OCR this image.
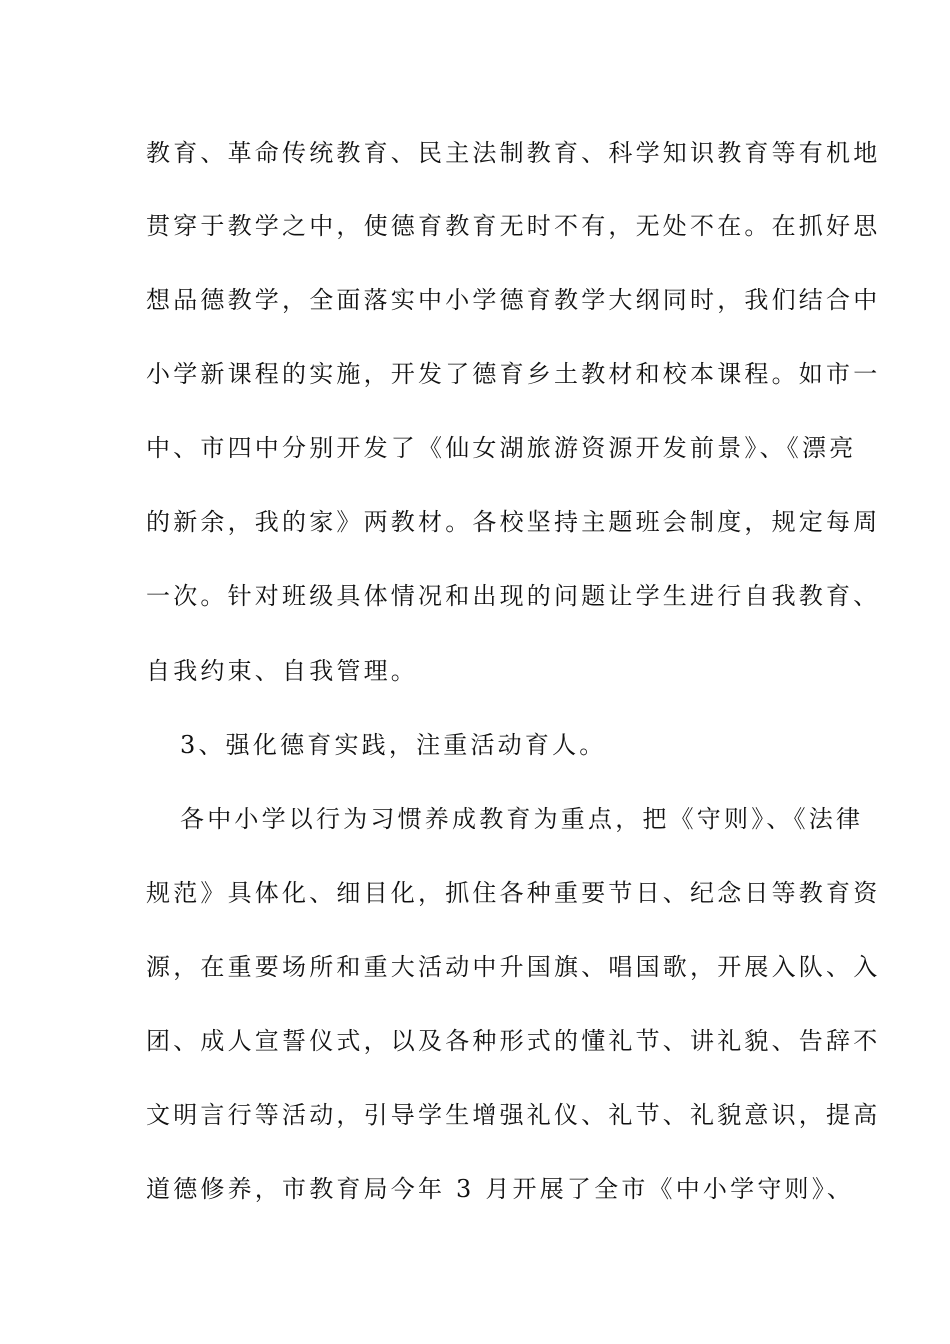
教育、革命传统教育、民主法制教育、科学知识教育等有机地
贯穿于教学之中，使德育教育无时不有，无处不在。在抓好思
想品德教学，全面落实中小学德育教学大纲同时，我们结合中
小学新课程的实施，开发了德育乡土教材和校本课程。如市一
中、市四中分别开发了《仙女湖旅游资源开发前景》、《漂亮
的新余，我的家》两教材。各校坚持主题班会制度，规定每周
一次。针对班级具体情况和出现的问题让学生进行自我教育、
自我约束、自我管理。
3、强化德育实践，注重活动育人。
各中小学以行为习惯养成教育为重点，把《守则》、《法律
规范》具体化、细目化，抓住各种重要节日、纪念日等教育资
源，在重要场所和重大活动中升国旗、唱国歌，开展入队、入
团、成人宣誓仪式，以及各种形式的懂礼节、讲礼貌、告辞不
文明言行等活动，引导学生增强礼仪、礼节、礼貌意识，提高
道德修养，市教育局今年 3 月开展了全市《中小学守则》、
